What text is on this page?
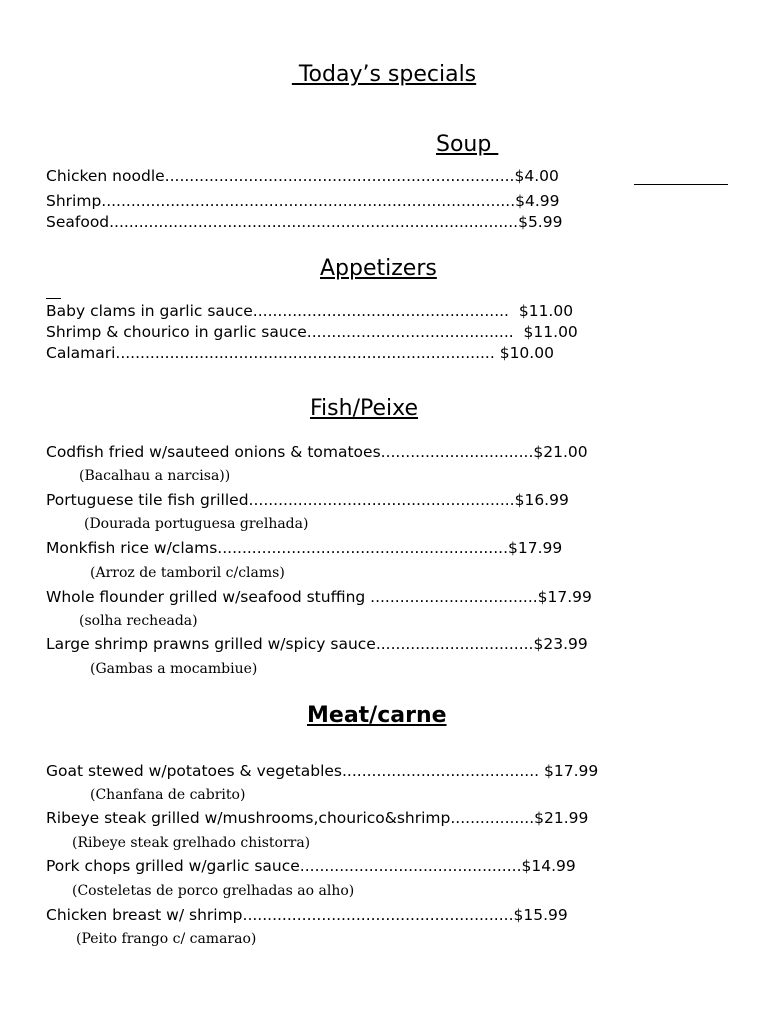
Today’s specials
Soup
Chicken noodle.......................................................................$4.00
Shrimp....................................................................................$4.99
Seafood...................................................................................$5.99
Appetizers
Baby clams in garlic sauce....................................................  $11.00
Shrimp & chourico in garlic sauce..........................................  $11.00
Calamari............................................................................. $10.00
Fish/Peixe
Codfish fried w/sauteed onions & tomatoes...............................$21.00
(Bacalhau a narcisa))
Portuguese tile fish grilled......................................................$16.99
(Dourada portuguesa grelhada)
Monkfish rice w/clams...........................................................$17.99
(Arroz de tamboril c/clams)
Whole flounder grilled w/seafood stuffing ..................................$17.99
(solha recheada)
Large shrimp prawns grilled w/spicy sauce................................$23.99
(Gambas a mocambiue)
Meat/carne
Goat stewed w/potatoes & vegetables........................................ $17.99
(Chanfana de cabrito)
Ribeye steak grilled w/mushrooms,chourico&shrimp.................$21.99
(Ribeye steak grelhado chistorra)
Pork chops grilled w/garlic sauce.............................................$14.99
(Costeletas de porco grelhadas ao alho)
Chicken breast w/ shrimp.......................................................$15.99
(Peito frango c/ camarao)
